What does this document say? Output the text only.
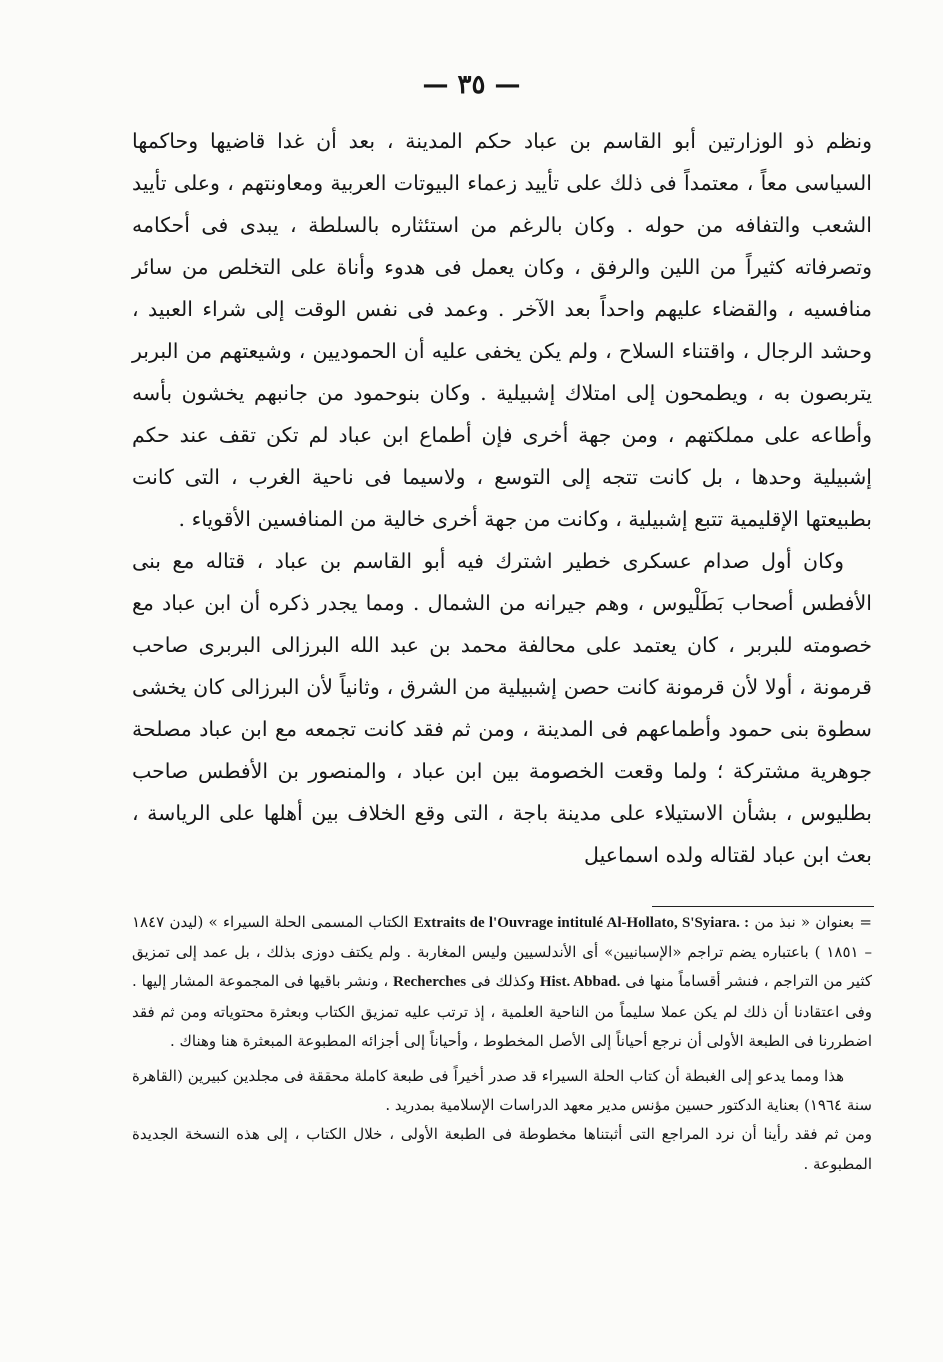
— ٣٥ —

ونظم ذو الوزارتين أبو القاسم بن عباد حكم المدينة ، بعد أن غدا قاضيها وحاكمها السياسى معاً ، معتمداً فى ذلك على تأييد زعماء البيوتات العربية ومعاونتهم ، وعلى تأييد الشعب والتفافه من حوله . وكان بالرغم من استئثاره بالسلطة ، يبدى فى أحكامه وتصرفاته كثيراً من اللين والرفق ، وكان يعمل فى هدوء وأناة على التخلص من سائر منافسيه ، والقضاء عليهم واحداً بعد الآخر . وعمد فى نفس الوقت إلى شراء العبيد ، وحشد الرجال ، واقتناء السلاح ، ولم يكن يخفى عليه أن الحموديين ، وشيعتهم من البربر يتربصون به ، ويطمحون إلى امتلاك إشبيلية . وكان بنوحمود من جانبهم يخشون بأسه وأطاعه على مملكتهم ، ومن جهة أخرى فإن أطماع ابن عباد لم تكن تقف عند حكم إشبيلية وحدها ، بل كانت تتجه إلى التوسع ، ولاسيما فى ناحية الغرب ، التى كانت بطبيعتها الإقليمية تتبع إشبيلية ، وكانت من جهة أخرى خالية من المنافسين الأقوياء .

وكان أول صدام عسكرى خطير اشترك فيه أبو القاسم بن عباد ، قتاله مع بنى الأفطس أصحاب بَطَلْيوس ، وهم جيرانه من الشمال . ومما يجدر ذكره أن ابن عباد مع خصومته للبربر ، كان يعتمد على محالفة محمد بن عبد الله البرزالى البربرى صاحب قرمونة ، أولا لأن قرمونة كانت حصن إشبيلية من الشرق ، وثانياً لأن البرزالى كان يخشى سطوة بنى حمود وأطماعهم فى المدينة ، ومن ثم فقد كانت تجمعه مع ابن عباد مصلحة جوهرية مشتركة ؛ ولما وقعت الخصومة بين ابن عباد ، والمنصور بن الأفطس صاحب بطليوس ، بشأن الاستيلاء على مدينة باجة ، التى وقع الخلاف بين أهلها على الرياسة ، بعث ابن عباد لقتاله ولده اسماعيل

= بعنوان « نبذ من Extraits de l'Ouvrage intitulé Al-Hollato, S'Syiara. : الكتاب المسمى الحلة السيراء » (ليدن ١٨٤٧ – ١٨٥١ ) باعتباره يضم تراجم «الإسبانيين» أى الأندلسيين وليس المغاربة . ولم يكتف دوزى بذلك ، بل عمد إلى تمزيق كثير من التراجم ، فنشر أقساماً منها فى Hist. Abbad. وكذلك فى Recherches ، ونشر باقيها فى المجموعة المشار إليها . وفى اعتقادنا أن ذلك لم يكن عملا سليماً من الناحية العلمية ، إذ ترتب عليه تمزيق الكتاب وبعثرة محتوياته ومن ثم فقد اضطررنا فى الطبعة الأولى أن نرجع أحياناً إلى الأصل المخطوط ، وأحياناً إلى أجزائه المطبوعة المبعثرة هنا وهناك .

هذا ومما يدعو إلى الغبطة أن كتاب الحلة السيراء قد صدر أخيراً فى طبعة كاملة محققة فى مجلدين كبيرين (القاهرة سنة ١٩٦٤) بعناية الدكتور حسين مؤنس مدير معهد الدراسات الإسلامية بمدريد .

ومن ثم فقد رأينا أن نرد المراجع التى أثبتناها مخطوطة فى الطبعة الأولى ، خلال الكتاب ، إلى هذه النسخة الجديدة المطبوعة .
